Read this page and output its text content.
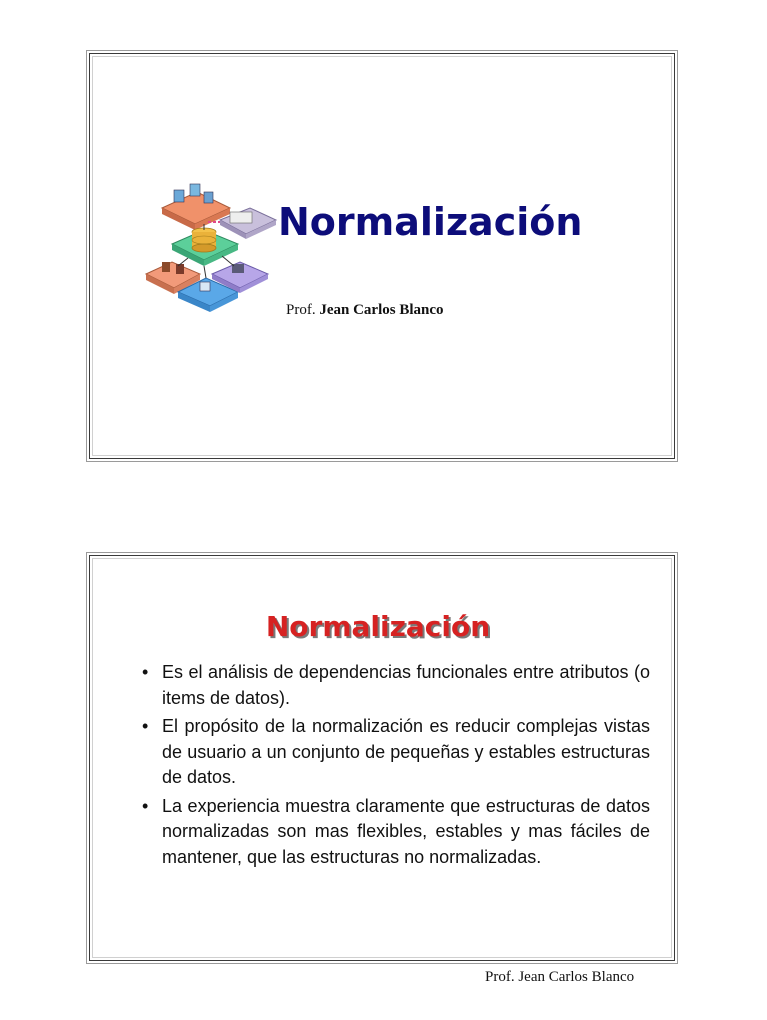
Normalización
Prof. Jean Carlos Blanco
Normalización
• Es el análisis de dependencias funcionales entre atributos (o items de datos).
• El propósito de la normalización es reducir complejas vistas de usuario a un conjunto de pequeñas y estables estructuras de datos.
• La experiencia muestra claramente que estructuras de datos normalizadas son mas flexibles, estables y mas fáciles de mantener, que las estructuras no normalizadas.
Prof. Jean Carlos Blanco
